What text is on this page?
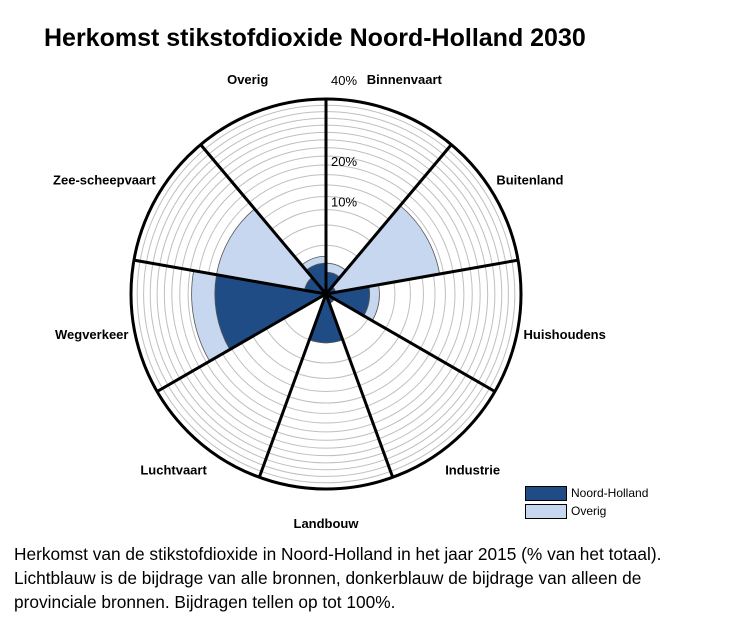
Herkomst stikstofdioxide Noord-Holland 2030
10%
20%
40% Binnenvaart
Buitenland
Huishoudens
Industrie
Landbouw
Luchtvaart
Wegverkeer
Zee-scheepvaart
Overig
Noord-Holland
Overig
Herkomst van de stikstofdioxide in Noord-Holland in het jaar 2015 (% van het totaal).
Lichtblauw is de bijdrage van alle bronnen, donkerblauw de bijdrage van alleen de
provinciale bronnen. Bijdragen tellen op tot 100%.
